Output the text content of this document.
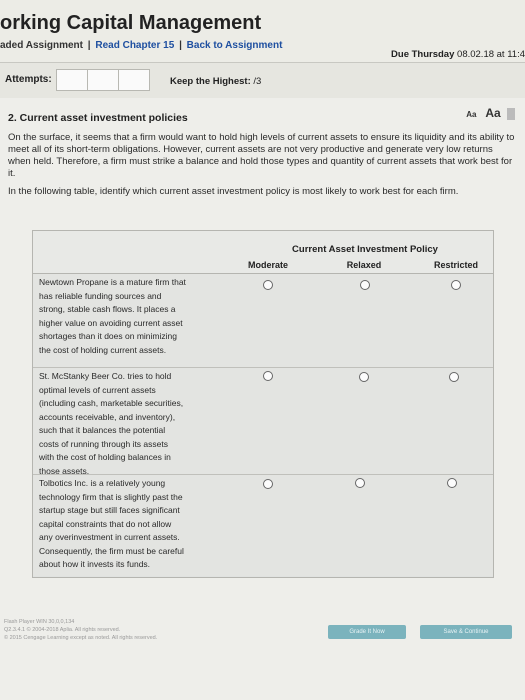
orking Capital Management
aded Assignment | Read Chapter 15 | Back to Assignment
Due Thursday 08.02.18 at 11:4
Attempts:	Keep the Highest: /3
2. Current asset investment policies	Aa Aa
On the surface, it seems that a firm would want to hold high levels of current assets to ensure its liquidity and its ability to meet all of its short-term obligations. However, current assets are not very productive and generate very low returns when held. Therefore, a firm must strike a balance and hold those types and quantity of current assets that work best for it.
In the following table, identify which current asset investment policy is most likely to work best for each firm.
Current Asset Investment Policy
Moderate	Relaxed	Restricted
Newtown Propane is a mature firm that
has reliable funding sources and
strong, stable cash flows. It places a
higher value on avoiding current asset
shortages than it does on minimizing
the cost of holding current assets.
St. McStanky Beer Co. tries to hold
optimal levels of current assets
(including cash, marketable securities,
accounts receivable, and inventory),
such that it balances the potential
costs of running through its assets
with the cost of holding balances in
those assets.
Tolbotics Inc. is a relatively young
technology firm that is slightly past the
startup stage but still faces significant
capital constraints that do not allow
any overinvestment in current assets.
Consequently, the firm must be careful
about how it invests its funds.
Grade It Now	Save & Continue
Flash Player WIN 30,0,0,134
Q2.3.4.1 © 2004-2018 Aplia. All rights reserved.
© 2015 Cengage Learning except as noted. All rights reserved.
